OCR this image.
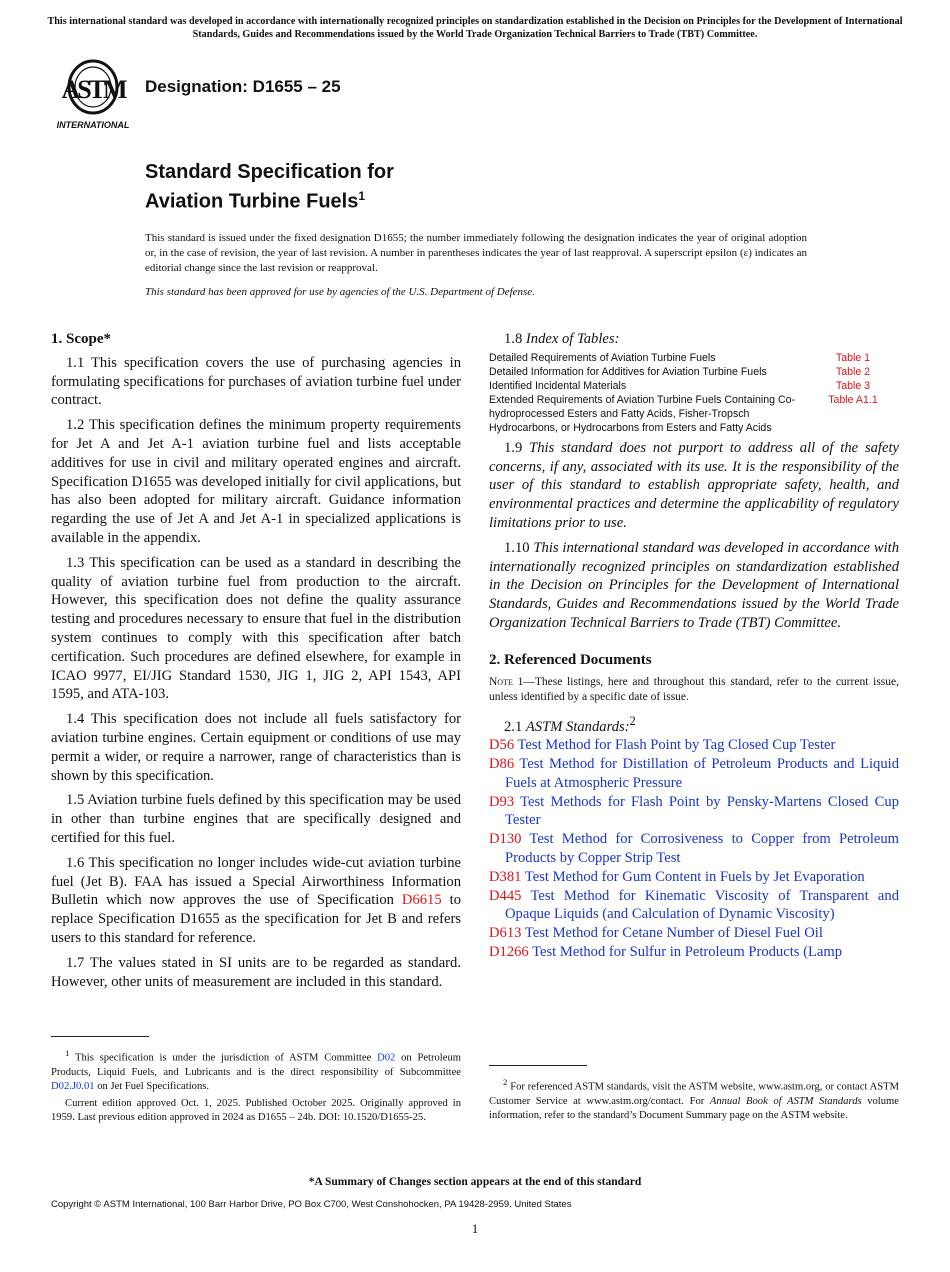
This international standard was developed in accordance with internationally recognized principles on standardization established in the Decision on Principles for the Development of International Standards, Guides and Recommendations issued by the World Trade Organization Technical Barriers to Trade (TBT) Committee.
ASTM
INTERNATIONAL
Designation: D1655 – 25
Standard Specification for
Aviation Turbine Fuels$^1$
This standard is issued under the fixed designation D1655; the number immediately following the designation indicates the year of original adoption or, in the case of revision, the year of last revision. A number in parentheses indicates the year of last reapproval. A superscript epsilon (ε) indicates an editorial change since the last revision or reapproval.
This standard has been approved for use by agencies of the U.S. Department of Defense.
1. Scope*

1.1 This specification covers the use of purchasing agencies in formulating specifications for purchases of aviation turbine fuel under contract.

1.2 This specification defines the minimum property requirements for Jet A and Jet A-1 aviation turbine fuel and lists acceptable additives for use in civil and military operated engines and aircraft. Specification D1655 was developed initially for civil applications, but has also been adopted for military aircraft. Guidance information regarding the use of Jet A and Jet A-1 in specialized applications is available in the appendix.

1.3 This specification can be used as a standard in describing the quality of aviation turbine fuel from production to the aircraft. However, this specification does not define the quality assurance testing and procedures necessary to ensure that fuel in the distribution system continues to comply with this specification after batch certification. Such procedures are defined elsewhere, for example in ICAO 9977, EI/JIG Standard 1530, JIG 1, JIG 2, API 1543, API 1595, and ATA-103.

1.4 This specification does not include all fuels satisfactory for aviation turbine engines. Certain equipment or conditions of use may permit a wider, or require a narrower, range of characteristics than is shown by this specification.

1.5 Aviation turbine fuels defined by this specification may be used in other than turbine engines that are specifically designed and certified for this fuel.

1.6 This specification no longer includes wide-cut aviation turbine fuel (Jet B). FAA has issued a Special Airworthiness Information Bulletin which now approves the use of Specification D6615 to replace Specification D1655 as the specification for Jet B and refers users to this standard for reference.

1.7 The values stated in SI units are to be regarded as standard. However, other units of measurement are included in this standard.

$^1$ This specification is under the jurisdiction of ASTM Committee D02 on Petroleum Products, Liquid Fuels, and Lubricants and is the direct responsibility of Subcommittee D02.J0.01 on Jet Fuel Specifications.

Current edition approved Oct. 1, 2025. Published October 2025. Originally approved in 1959. Last previous edition approved in 2024 as D1655 – 24b. DOI: 10.1520/D1655-25.

1.8 Index of Tables:

Detailed Requirements of Aviation Turbine Fuels	Table 1
Detailed Information for Additives for Aviation Turbine Fuels	Table 2
Identified Incidental Materials	Table 3
Extended Requirements of Aviation Turbine Fuels Containing Co-hydroprocessed Esters and Fatty Acids, Fisher-Tropsch Hydrocarbons, or Hydrocarbons from Esters and Fatty Acids	Table A1.1

1.9 This standard does not purport to address all of the safety concerns, if any, associated with its use. It is the responsibility of the user of this standard to establish appropriate safety, health, and environmental practices and determine the applicability of regulatory limitations prior to use.

1.10 This international standard was developed in accordance with internationally recognized principles on standardization established in the Decision on Principles for the Development of International Standards, Guides and Recommendations issued by the World Trade Organization Technical Barriers to Trade (TBT) Committee.

2. Referenced Documents

Note 1—These listings, here and throughout this standard, refer to the current issue, unless identified by a specific date of issue.

2.1 ASTM Standards:$^2$

D56 Test Method for Flash Point by Tag Closed Cup Tester

D86 Test Method for Distillation of Petroleum Products and Liquid Fuels at Atmospheric Pressure

D93 Test Methods for Flash Point by Pensky-Martens Closed Cup Tester

D130 Test Method for Corrosiveness to Copper from Petroleum Products by Copper Strip Test

D381 Test Method for Gum Content in Fuels by Jet Evaporation

D445 Test Method for Kinematic Viscosity of Transparent and Opaque Liquids (and Calculation of Dynamic Viscosity)

D613 Test Method for Cetane Number of Diesel Fuel Oil

D1266 Test Method for Sulfur in Petroleum Products (Lamp

$^2$ For referenced ASTM standards, visit the ASTM website, www.astm.org, or contact ASTM Customer Service at www.astm.org/contact. For Annual Book of ASTM Standards volume information, refer to the standard’s Document Summary page on the ASTM website.

*A Summary of Changes section appears at the end of this standard
Copyright © ASTM International, 100 Barr Harbor Drive, PO Box C700, West Conshohocken, PA 19428-2959. United States
1
